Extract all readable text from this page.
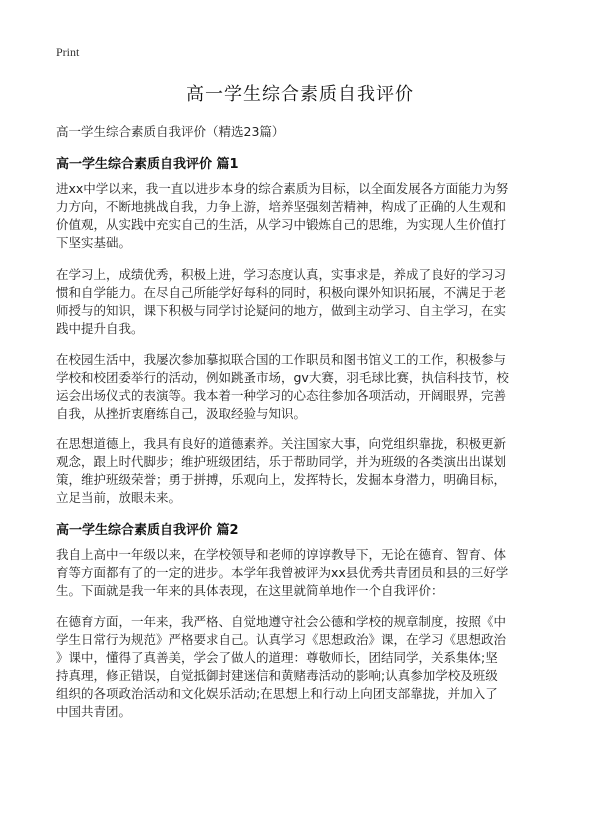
Print
高一学生综合素质自我评价
高一学生综合素质自我评价（精选23篇）
高一学生综合素质自我评价 篇1
进xx中学以来，我一直以进步本身的综合素质为目标，以全面发展各方面能力为努
力方向，不断地挑战自我，力争上游，培养坚强刻苦精神，构成了正确的人生观和
价值观，从实践中充实自己的生活，从学习中锻炼自己的思维，为实现人生价值打
下坚实基础。
在学习上，成绩优秀，积极上进，学习态度认真，实事求是，养成了良好的学习习
惯和自学能力。在尽自己所能学好每科的同时，积极向课外知识拓展，不满足于老
师授与的知识，课下积极与同学讨论疑问的地方，做到主动学习、自主学习，在实
践中提升自我。
在校园生活中，我屡次参加摹拟联合国的工作职员和图书馆义工的工作，积极参与
学校和校团委举行的活动，例如跳蚤市场，gv大赛，羽毛球比赛，执信科技节，校
运会出场仪式的表演等。我本着一种学习的心态往参加各项活动，开阔眼界，完善
自我，从挫折衷磨练自己，汲取经验与知识。
在思想道德上，我具有良好的道德素养。关注国家大事，向党组织靠拢，积极更新
观念，跟上时代脚步；维护班级团结，乐于帮助同学，并为班级的各类演出出谋划
策，维护班级荣誉；勇于拼搏，乐观向上，发挥特长，发掘本身潜力，明确目标，
立足当前，放眼未来。
高一学生综合素质自我评价 篇2
我自上高中一年级以来，在学校领导和老师的谆谆教导下，无论在德育、智育、体
育等方面都有了的一定的进步。本学年我曾被评为xx县优秀共青团员和县的三好学
生。下面就是我一年来的具体表现，在这里就简单地作一个自我评价：
在德育方面，一年来，我严格、自觉地遵守社会公德和学校的规章制度，按照《中
学生日常行为规范》严格要求自己。认真学习《思想政治》课，在学习《思想政治
》课中，懂得了真善美，学会了做人的道理：尊敬师长，团结同学，关系集体;坚
持真理，修正错误，自觉抵御封建迷信和黄赌毒活动的影响;认真参加学校及班级
组织的各项政治活动和文化娱乐活动;在思想上和行动上向团支部靠拢，并加入了
中国共青团。
